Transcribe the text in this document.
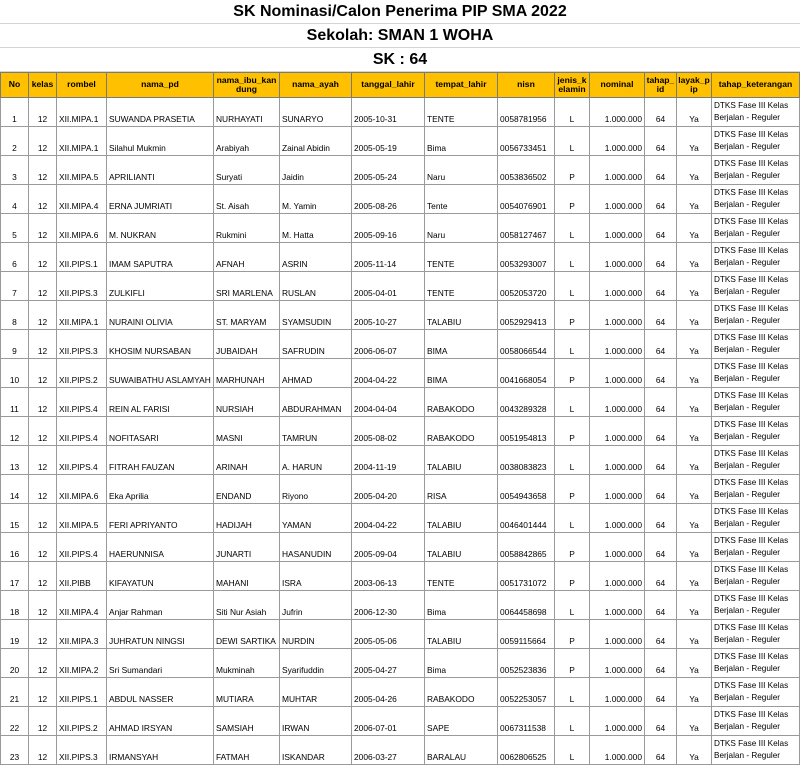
SK Nominasi/Calon Penerima PIP SMA 2022
Sekolah: SMAN 1 WOHA
SK : 64
No	kelas	rombel	nama_pd	nama_ibu_kandung	nama_ayah	tanggal_lahir	tempat_lahir	nisn	jenis_kelamin	nominal	tahap_id	layak_pip	tahap_keterangan
1	12	XII.MIPA.1	SUWANDA PRASETIA	NURHAYATI	SUNARYO	2005-10-31	TENTE	0058781956	L	1.000.000	64	Ya	DTKS Fase III Kelas Berjalan - Reguler
2	12	XII.MIPA.1	Silahul Mukmin	Arabiyah	Zainal Abidin	2005-05-19	Bima	0056733451	L	1.000.000	64	Ya	DTKS Fase III Kelas Berjalan - Reguler
3	12	XII.MIPA.5	APRILIANTI	Suryati	Jaidin	2005-05-24	Naru	0053836502	P	1.000.000	64	Ya	DTKS Fase III Kelas Berjalan - Reguler
4	12	XII.MIPA.4	ERNA JUMRIATI	St. Aisah	M. Yamin	2005-08-26	Tente	0054076901	P	1.000.000	64	Ya	DTKS Fase III Kelas Berjalan - Reguler
5	12	XII.MIPA.6	M. NUKRAN	Rukmini	M. Hatta	2005-09-16	Naru	0058127467	L	1.000.000	64	Ya	DTKS Fase III Kelas Berjalan - Reguler
6	12	XII.PIPS.1	IMAM SAPUTRA	AFNAH	ASRIN	2005-11-14	TENTE	0053293007	L	1.000.000	64	Ya	DTKS Fase III Kelas Berjalan - Reguler
7	12	XII.PIPS.3	ZULKIFLI	SRI MARLENA	RUSLAN	2005-04-01	TENTE	0052053720	L	1.000.000	64	Ya	DTKS Fase III Kelas Berjalan - Reguler
8	12	XII.MIPA.1	NURAINI OLIVIA	ST. MARYAM	SYAMSUDIN	2005-10-27	TALABIU	0052929413	P	1.000.000	64	Ya	DTKS Fase III Kelas Berjalan - Reguler
9	12	XII.PIPS.3	KHOSIM NURSABAN	JUBAIDAH	SAFRUDIN	2006-06-07	BIMA	0058066544	L	1.000.000	64	Ya	DTKS Fase III Kelas Berjalan - Reguler
10	12	XII.PIPS.2	SUWAIBATHU ASLAMYAH	MARHUNAH	AHMAD	2004-04-22	BIMA	0041668054	P	1.000.000	64	Ya	DTKS Fase III Kelas Berjalan - Reguler
11	12	XII.PIPS.4	REIN AL FARISI	NURSIAH	ABDURAHMAN	2004-04-04	RABAKODO	0043289328	L	1.000.000	64	Ya	DTKS Fase III Kelas Berjalan - Reguler
12	12	XII.PIPS.4	NOFITASARI	MASNI	TAMRUN	2005-08-02	RABAKODO	0051954813	P	1.000.000	64	Ya	DTKS Fase III Kelas Berjalan - Reguler
13	12	XII.PIPS.4	FITRAH FAUZAN	ARINAH	A. HARUN	2004-11-19	TALABIU	0038083823	L	1.000.000	64	Ya	DTKS Fase III Kelas Berjalan - Reguler
14	12	XII.MIPA.6	Eka Aprilia	ENDAND	Riyono	2005-04-20	RISA	0054943658	P	1.000.000	64	Ya	DTKS Fase III Kelas Berjalan - Reguler
15	12	XII.MIPA.5	FERI APRIYANTO	HADIJAH	YAMAN	2004-04-22	TALABIU	0046401444	L	1.000.000	64	Ya	DTKS Fase III Kelas Berjalan - Reguler
16	12	XII.PIPS.4	HAERUNNISA	JUNARTI	HASANUDIN	2005-09-04	TALABIU	0058842865	P	1.000.000	64	Ya	DTKS Fase III Kelas Berjalan - Reguler
17	12	XII.PIBB	KIFAYATUN	MAHANI	ISRA	2003-06-13	TENTE	0051731072	P	1.000.000	64	Ya	DTKS Fase III Kelas Berjalan - Reguler
18	12	XII.MIPA.4	Anjar Rahman	Siti Nur Asiah	Jufrin	2006-12-30	Bima	0064458698	L	1.000.000	64	Ya	DTKS Fase III Kelas Berjalan - Reguler
19	12	XII.MIPA.3	JUHRATUN NINGSI	DEWI SARTIKA	NURDIN	2005-05-06	TALABIU	0059115664	P	1.000.000	64	Ya	DTKS Fase III Kelas Berjalan - Reguler
20	12	XII.MIPA.2	Sri Sumandari	Mukminah	Syarifuddin	2005-04-27	Bima	0052523836	P	1.000.000	64	Ya	DTKS Fase III Kelas Berjalan - Reguler
21	12	XII.PIPS.1	ABDUL NASSER	MUTIARA	MUHTAR	2005-04-26	RABAKODO	0052253057	L	1.000.000	64	Ya	DTKS Fase III Kelas Berjalan - Reguler
22	12	XII.PIPS.2	AHMAD IRSYAN	SAMSIAH	IRWAN	2006-07-01	SAPE	0067311538	L	1.000.000	64	Ya	DTKS Fase III Kelas Berjalan - Reguler
23	12	XII.PIPS.3	IRMANSYAH	FATMAH	ISKANDAR	2006-03-27	BARALAU	0062806525	L	1.000.000	64	Ya	DTKS Fase III Kelas Berjalan - Reguler
